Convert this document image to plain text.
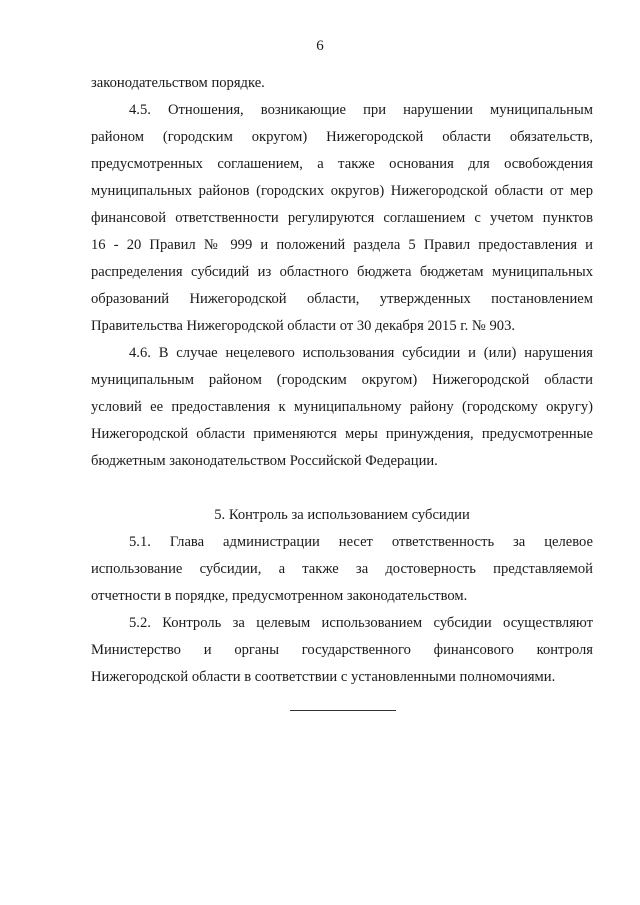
6
законодательством порядке.
4.5. Отношения, возникающие при нарушении муниципальным
районом (городским округом) Нижегородской области обязательств,
предусмотренных соглашением, а также основания для освобождения
муниципальных районов (городских округов) Нижегородской области от мер
финансовой ответственности регулируются соглашением с учетом пунктов
16 - 20 Правил № 999 и положений раздела 5 Правил предоставления и
распределения субсидий из областного бюджета бюджетам муниципальных
образований Нижегородской области, утвержденных постановлением
Правительства Нижегородской области от 30 декабря 2015 г. № 903.
4.6. В случае нецелевого использования субсидии и (или) нарушения
муниципальным районом (городским округом) Нижегородской области
условий ее предоставления к муниципальному району (городскому округу)
Нижегородской области применяются меры принуждения, предусмотренные
бюджетным законодательством Российской Федерации.
5. Контроль за использованием субсидии
5.1. Глава администрации несет ответственность за целевое
использование субсидии, а также за достоверность представляемой
отчетности в порядке, предусмотренном законодательством.
5.2. Контроль за целевым использованием субсидии осуществляют
Министерство и органы государственного финансового контроля
Нижегородской области в соответствии с установленными полномочиями.
